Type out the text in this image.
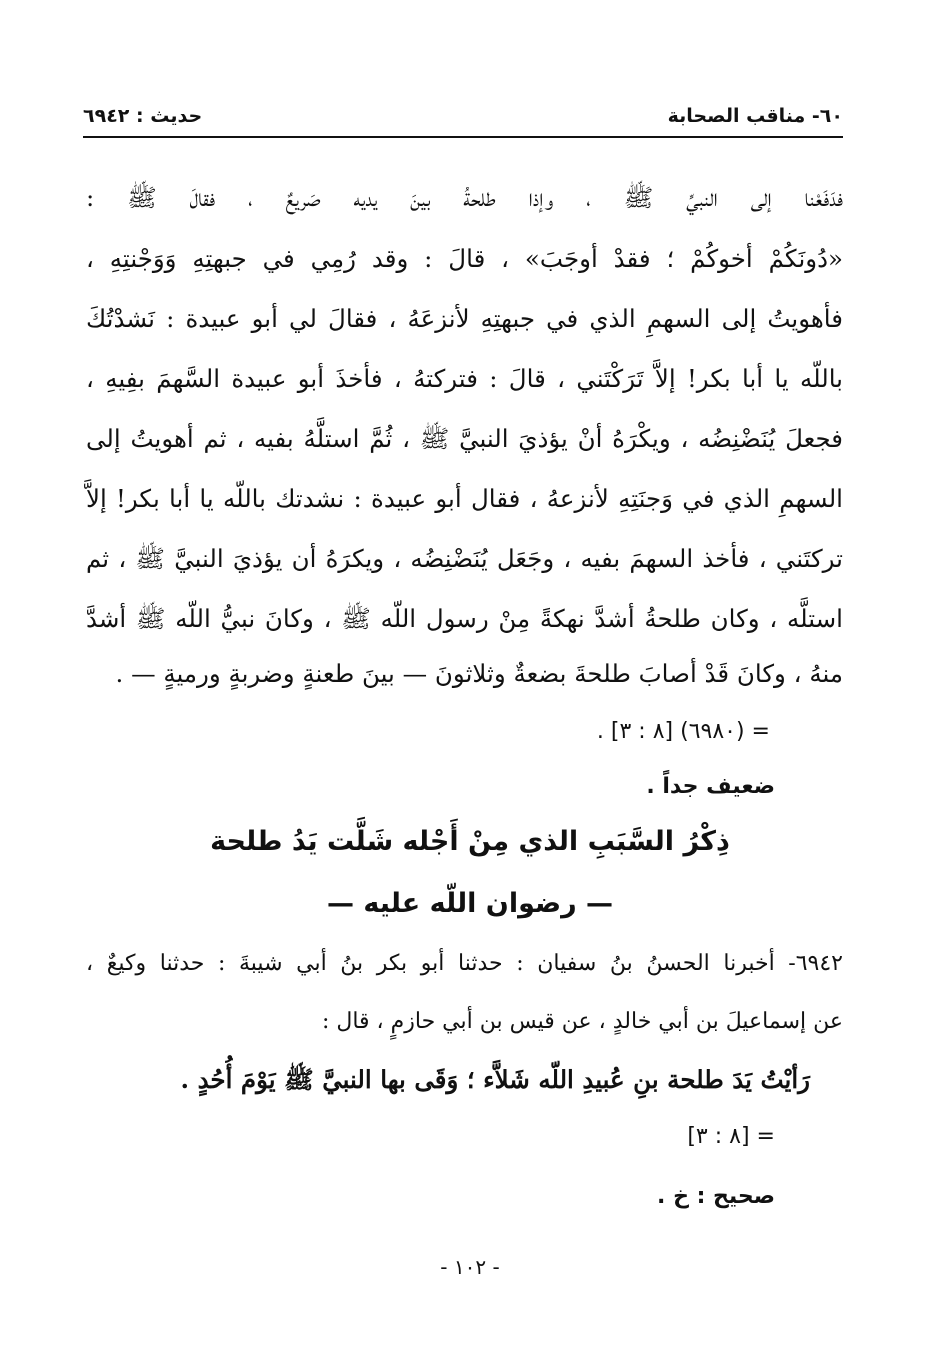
٦٠- مناقب الصحابة
حديث : ٦٩٤٢
فدَفَعْنا إلى النبيِّ ﷺ ، وإذا طلحةُ بينَ يديه صَريعٌ ، فقالَ ﷺ :
«دُونَكُمْ أخوكُمْ ؛ فقدْ أوجَبَ» ، قالَ : وقد رُمِي في جبهتِهِ وَوَجْنتِهِ ،
فأهويتُ إلى السهمِ الذي في جبهتِهِ لأنزعَهُ ، فقالَ لي أبو عبيدة : نَشدْتُكَ
باللّه يا أبا بكر! إلاَّ تَرَكْتَني ، قالَ : فتركتهُ ، فأخذَ أبو عبيدة السَّهمَ بفِيهِ ،
فجعلَ يُنَضْنِضُه ، ويكْرَهُ أنْ يؤذيَ النبيَّ ﷺ ، ثُمَّ استلَّهُ بفيه ، ثم أهويتُ إلى
السهمِ الذي في وَجنَتِهِ لأنزعهُ ، فقال أبو عبيدة : نشدتك باللّه يا أبا بكر! إلاَّ
تركتَني ، فأخذ السهمَ بفيه ، وجَعَل يُنَضْنِضُه ، ويكرَهُ أن يؤذيَ النبيَّ ﷺ ، ثم
استلَّه ، وكان طلحةُ أشدَّ نهكةً مِنْ رسول اللّه ﷺ ، وكانَ نبيُّ اللّه ﷺ أشدَّ
منهُ ، وكانَ قَدْ أصابَ طلحةَ بضعةٌ وثلاثونَ — بينَ طعنةٍ وضربةٍ ورميةٍ — .
= (٦٩٨٠) [٨ : ٣] .
ضعيف جداً .
ذِكْرُ السَّبَبِ الذي مِنْ أَجْله شَلَّت يَدُ طلحة
— رضوان اللّه عليه —
٦٩٤٢- أخبرنا الحسنُ بنُ سفيان : حدثنا أبو بكر بنُ أبي شيبةَ : حدثنا وكيعٌ ،
عن إسماعيلَ بن أبي خالدٍ ، عن قيس بن أبي حازمٍ ، قال :
رَأيْتُ يَدَ طلحة بنِ عُبيدِ اللّه شَلاَّء ؛ وَقَى بها النبيَّ ﷺ يَوْمَ أُحُدٍ .
= [٨ : ٣]
صحيح : خ .
- ١٠٢ -
